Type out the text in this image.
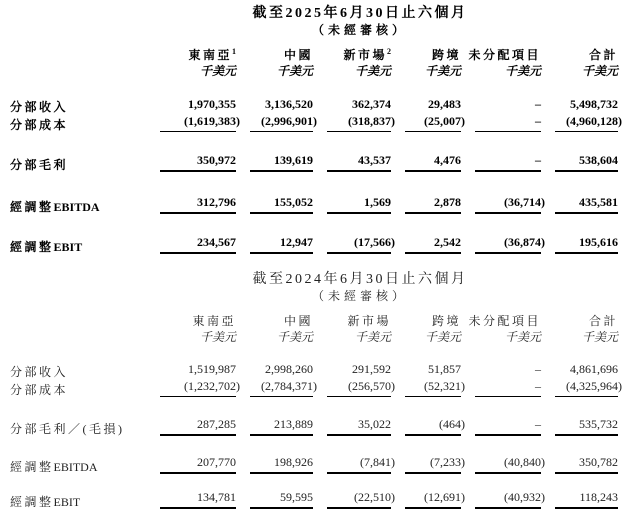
截至2025年6月30日止六個月
（未經審核）
	東南亞$^1$	中國	新市場$^2$	跨境	未分配項目	合計
	千美元	千美元	千美元	千美元	千美元	千美元

分部收入	1,970,355	3,136,520	362,374	29,483	–	5,498,732

分部成本	(1,619,383)	(2,996,901)	(318,837)	(25,007)	–	(4,960,128)

分部毛利	350,972	139,619	43,537	4,476	–	538,604

經調整EBITDA	312,796	155,052	1,569	2,878	(36,714)	435,581

經調整EBIT	234,567	12,947	(17,566)	2,542	(36,874)	195,616
截至2024年6月30日止六個月
（未經審核）
	東南亞	中國	新市場	跨境	未分配項目	合計
	千美元	千美元	千美元	千美元	千美元	千美元

分部收入	1,519,987	2,998,260	291,592	51,857	–	4,861,696

分部成本	(1,232,702)	(2,784,371)	(256,570)	(52,321)	–	(4,325,964)

分部毛利／(毛損)	287,285	213,889	35,022	(464)	–	535,732

經調整EBITDA	207,770	198,926	(7,841)	(7,233)	(40,840)	350,782

經調整EBIT	134,781	59,595	(22,510)	(12,691)	(40,932)	118,243
